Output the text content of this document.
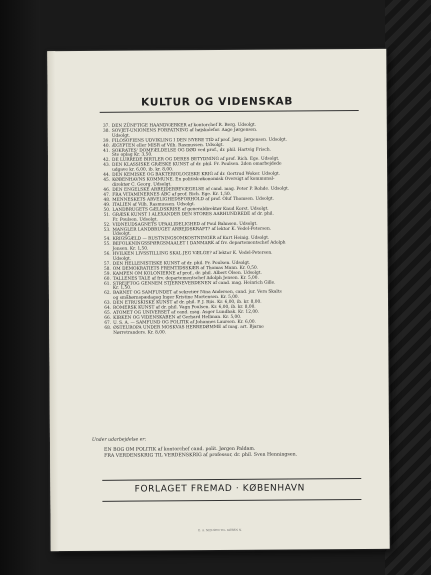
KULTUR OG VIDENSKAB
37. DEN ZÜNFTIGE HAANDVÆRKER af kontorchef R. Berg. Udsolgt.
38. SOVJET-UNIONENS FORFATNING af højskolefor. Aage Jørgensen.
Udsolgt.
39. FILOSOFIENS UDVIKLING I DEN NYERE TID af prof. Jørg. Jørgensen. Udsolgt.
40. ÆGYPTEN eller MISR af Vilh. Rasmussen. Udsolgt.
41. SOKRATES' DOMFÆLDELSE OG DØD ved prof., dr. phil. Hartvig Frisch.
Ste oplag Kr. 3,50.
42. DE LURREDE BIRTLER OG DERES BETYDNING af prof. Rich. Ege. Udsolgt.
43. DEN KLASSISKE GRÆSKE KUNST af dr. phil. Fr. Poulsen. 2den omarbejdede
udgave kr. 6,00, ib. kr. 8,00.
44. DEN KEMISKE OG BAKTERIOLOGISKE KRIG af dr. Gertrud Woker. Udsolgt.
45. KØBENHAVNS KOMMUNE. En politisk-økonomisk Oversigt af kommunal-
direktør C. Georg. Udsolgt.
46. DEN ENGELSKE ARBEJDERBEVÆGELSE af cand. mag. Peter P. Rohde. Udsolgt.
47. FRA VITAMINERNES ABC af prof. Rich. Ege. Kr. 1,50.
48. MENNESKETS ARVELIGHEDSFORHOLD af prof. Oluf Thomsen. Udsolgt.
49. ITALIEN af Vilh. Rasmussen. Udsolgt.
50. LANDBRUGETS GÆLDSKRISE af generaldirektør Knud Korst. Udsolgt.
51. GRÆSK KUNST I ALEXANDER DEN STORES AARHUNDREDE af dr. phil.
Fr. Poulsen. Udsolgt.
52. VIDNEUDSAGNETS UPAALIDELIGHED af Poul Bahnsen. Udsolgt.
53. MANGLER LANDBRUGET ARBEJDSKRAFT? af lektor K. Vedel-Petersen.
Udsolgt.
54. KRIGSGÆLD — RUSTNINGSOMKOSTNINGER af Kurt Heinig. Udsolgt.
55. BEFOLKNINGSSPØRGSMAALET I DANMARK af frv. departementschef Adolph
Jensen. Kr. 1,50.
56. HVILKEN LIVSSTILLING SKAL JEG VÆLGE? af lektor K. Vedel-Petersen.
Udsolgt.
57. DEN HELLENISTISKE KUNST af dr. phil. Fr. Poulsen. Udsolgt.
58. OM DEMOKRATIETS FREMTIDSSKÆR af Thomas Mann. Kr. 0,50.
59. KAMPEN OM KOLONIERNE af prof., dr. phil. Albert Olsen. Udsolgt.
60. TALLENES TALE af frv. departementschef Adolph Jensen. Kr. 5,00.
61. STREJFTOG GENNEM STJERNEVERDENEN af cand. mag. Heinrich Gille.
Kr. 1,50.
62. BARNET OG SAMFUNDET af sekretær Nina Andersen, cand. jur. Vera Skalts
og småbørnspædagog Inger Kristine Mortensen. Kr. 5,00.
63. DEN ETRUSKISKE KUNST af dr. phil. P. J. Riis. Kr. 6,00, ib. kr. 8,00.
64. ROMERSK KUNST af dr. phil. Vagn Poulsen. Kr. 6,00, ib. kr. 8,00.
65. ATOMET OG UNIVERSET af cand. mag. Asger Lundbak. Kr. 12,00.
66. KIRKEN OG VIDENSKABEN af Gerhard Hellman. Kr. 5,00.
67. U. S. A. — SAMFUND OG POLITIK af Johannes Laursen. Kr. 6,00.
68. ØSTEUROPA UNDER MOSKVAS HERREDØMME af mag. art. Bjarne
Nørretranders. Kr. 8,00.
Under udarbejdelse er:
EN BOG OM POLITIK af kontorchef cand. polit. Jørgen Paldam.
FRA VERDENSKRIG TIL VERDENSKRIG af professor, dr. phil. Sven Henningsen.
FORLAGET FREMAD · KØBENHAVN
E. A. NIELSEN TIL. KØBEN N.
